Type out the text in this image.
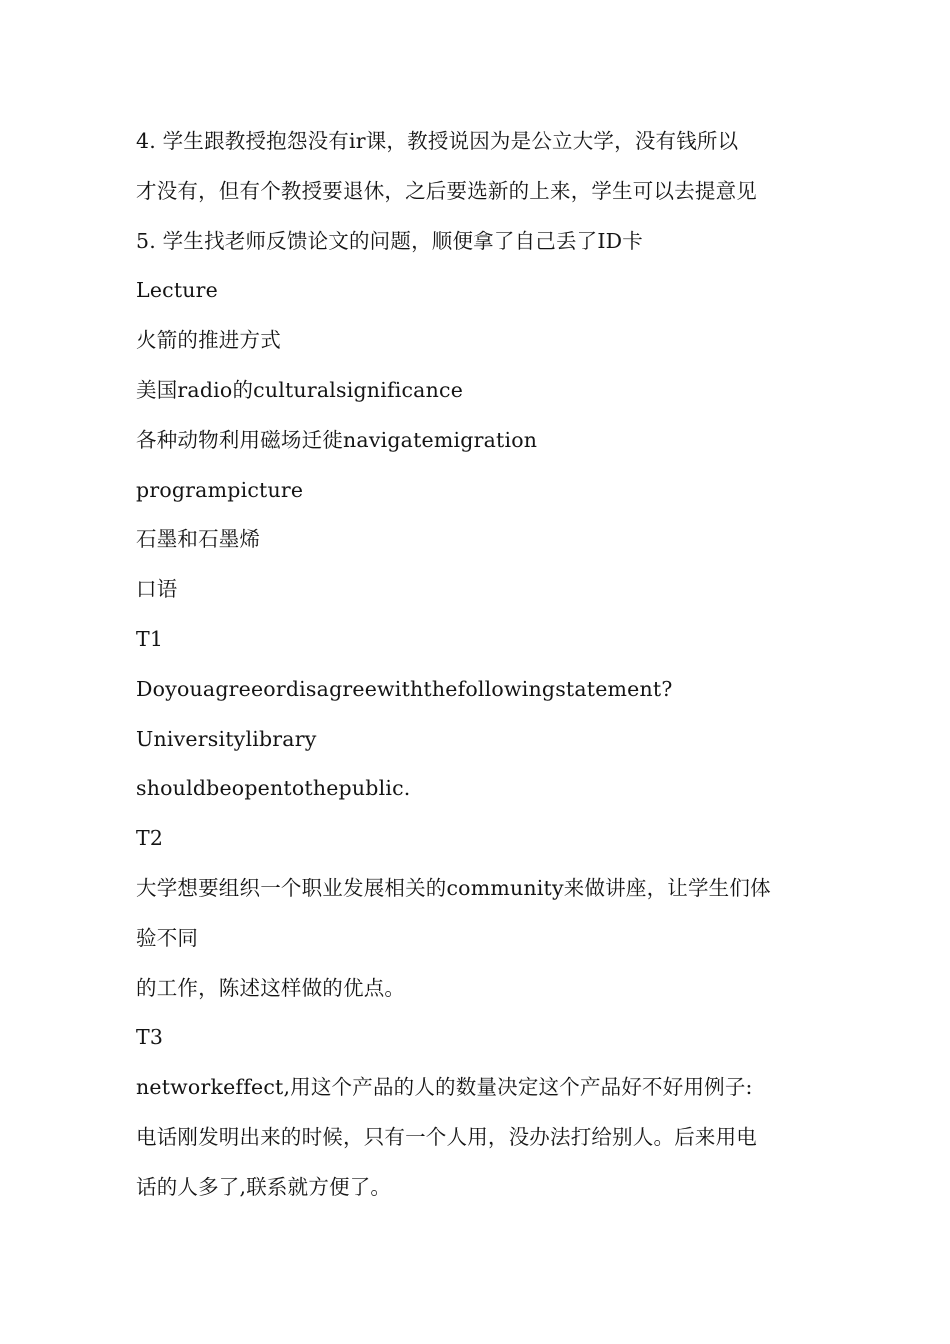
4. 学生跟教授抱怨没有ir课，教授说因为是公立大学，没有钱所以
才没有，但有个教授要退休，之后要选新的上来，学生可以去提意见
5. 学生找老师反馈论文的问题，顺便拿了自己丢了ID卡
Lecture
火箭的推进方式
美国radio的culturalsignificance
各种动物利用磁场迁徙navigatemigration
programpicture
石墨和石墨烯
口语
T1
Doyouagreeordisagreewiththefollowingstatement?
Universitylibrary
shouldbeopentothepublic.
T2
大学想要组织一个职业发展相关的community来做讲座，让学生们体
验不同
的工作，陈述这样做的优点。
T3
networkeffect,用这个产品的人的数量决定这个产品好不好用例子:
电话刚发明出来的时候，只有一个人用，没办法打给别人。后来用电
话的人多了,联系就方便了。
